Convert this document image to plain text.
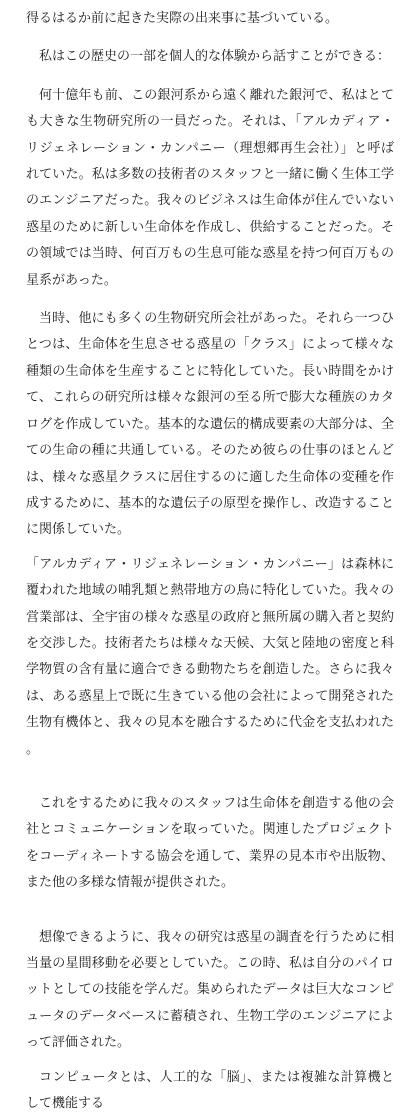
得るはるか前に起きた実際の出来事に基づいている。

私はこの歴史の一部を個人的な体験から話すことができる：

何十億年も前、この銀河系から遠く離れた銀河で、私はとても大きな生物研究所の一員だった。それは、「アルカディア・リジェネレーション・カンパニー（理想郷再生会社）」と呼ばれていた。私は多数の技術者のスタッフと一緒に働く生体工学のエンジニアだった。我々のビジネスは生命体が住んでいない惑星のために新しい生命体を作成し、供給することだった。その領域では当時、何百万もの生息可能な惑星を持つ何百万もの星系があった。

当時、他にも多くの生物研究所会社があった。それら一つひとつは、生命体を生息させる惑星の「クラス」によって様々な種類の生命体を生産することに特化していた。長い時間をかけて、これらの研究所は様々な銀河の至る所で膨大な種族のカタログを作成していた。基本的な遺伝的構成要素の大部分は、全ての生命の種に共通している。そのため彼らの仕事のほとんどは、様々な惑星クラスに居住するのに適した生命体の変種を作成するために、基本的な遺伝子の原型を操作し、改造することに関係していた。

「アルカディア・リジェネレーション・カンパニー」は森林に覆われた地域の哺乳類と熱帯地方の鳥に特化していた。我々の営業部は、全宇宙の様々な惑星の政府と無所属の購入者と契約を交渉した。技術者たちは様々な天候、大気と陸地の密度と科学物質の含有量に適合できる動物たちを創造した。さらに我々は、ある惑星上で既に生きている他の会社によって開発された生物有機体と、我々の見本を融合するために代金を支払われた。

これをするために我々のスタッフは生命体を創造する他の会社とコミュニケーションを取っていた。関連したプロジェクトをコーディネートする協会を通して、業界の見本市や出版物、また他の多様な情報が提供された。

想像できるように、我々の研究は惑星の調査を行うために相当量の星間移動を必要としていた。この時、私は自分のパイロットとしての技能を学んだ。集められたデータは巨大なコンピュータのデータベースに蓄積され、生物工学のエンジニアによって評価された。

コンピュータとは、人工的な「脳」、または複雑な計算機として機能する
